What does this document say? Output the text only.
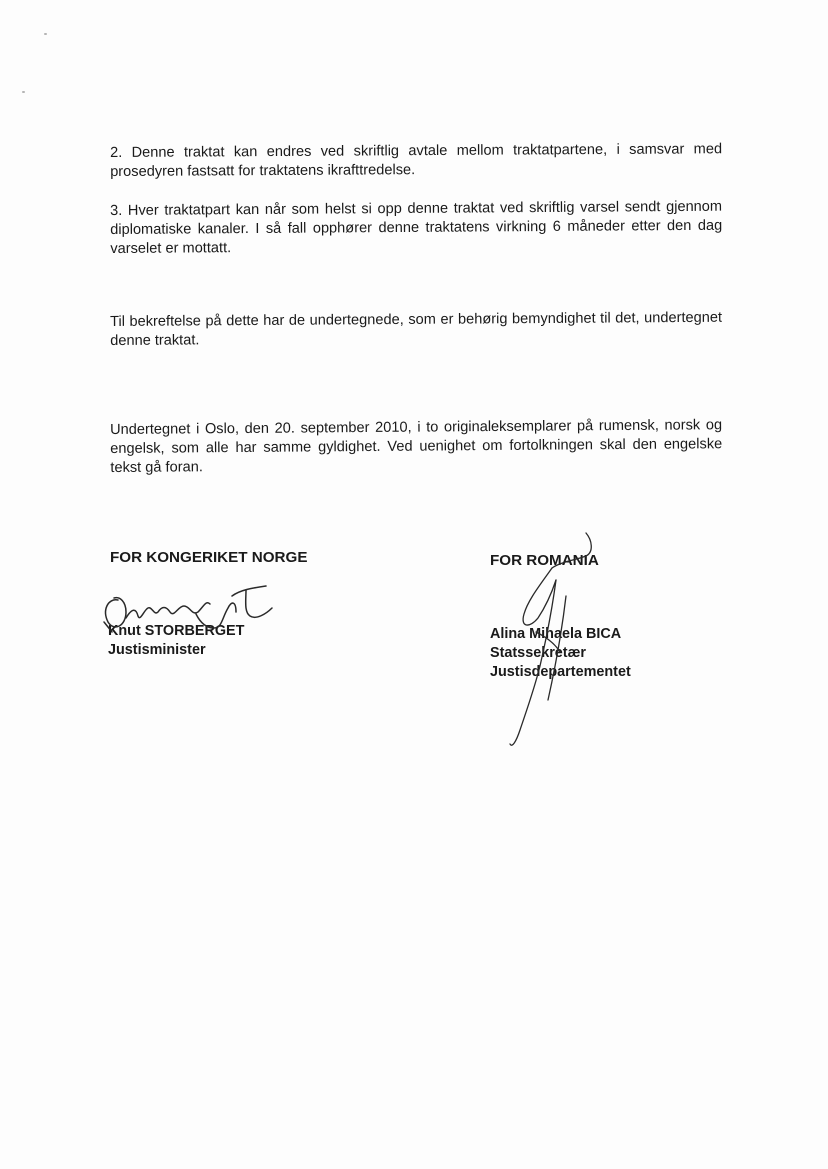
2. Denne traktat kan endres ved skriftlig avtale mellom traktatpartene, i samsvar med prosedyren fastsatt for traktatens ikrafttredelse.

3. Hver traktatpart kan når som helst si opp denne traktat ved skriftlig varsel sendt gjennom diplomatiske kanaler. I så fall opphører denne traktatens virkning 6 måneder etter den dag varselet er mottatt.

Til bekreftelse på dette har de undertegnede, som er behørig bemyndighet til det, undertegnet denne traktat.

Undertegnet i Oslo, den 20. september 2010, i to originaleksemplarer på rumensk, norsk og engelsk, som alle har samme gyldighet. Ved uenighet om fortolkningen skal den engelske tekst gå foran.

FOR KONGERIKET NORGE
Knut STORBERGET
Justisminister
FOR ROMANIA
Alina Mihaela BICA
Statssekretær
Justisdepartementet
